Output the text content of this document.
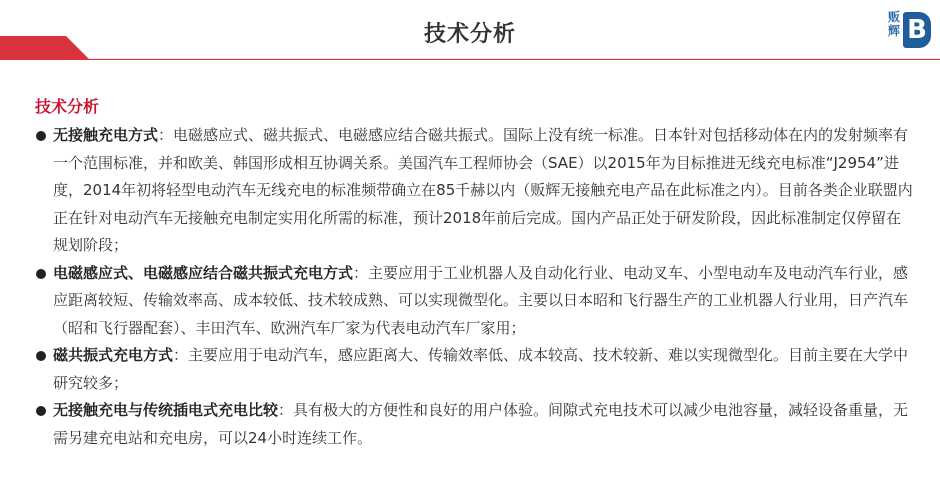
技术分析
贩辉 B
技术分析
无接触充电方式：电磁感应式、磁共振式、电磁感应结合磁共振式。国际上没有统一标准。日本针对包括移动体在内的发射频率有一个范围标准，并和欧美、韩国形成相互协调关系。美国汽车工程师协会（SAE）以2015年为目标推进无线充电标准“J2954”进度，2014年初将轻型电动汽车无线充电的标准频带确立在85千赫以内（贩辉无接触充电产品在此标准之内）。目前各类企业联盟内正在针对电动汽车无接触充电制定实用化所需的标准，预计2018年前后完成。国内产品正处于研发阶段，因此标准制定仅停留在规划阶段；
电磁感应式、电磁感应结合磁共振式充电方式：主要应用于工业机器人及自动化行业、电动叉车、小型电动车及电动汽车行业，感应距离较短、传输效率高、成本较低、技术较成熟、可以实现微型化。主要以日本昭和飞行器生产的工业机器人行业用，日产汽车（昭和飞行器配套）、丰田汽车、欧洲汽车厂家为代表电动汽车厂家用；
磁共振式充电方式：主要应用于电动汽车，感应距离大、传输效率低、成本较高、技术较新、难以实现微型化。目前主要在大学中研究较多；
无接触充电与传统插电式充电比较：具有极大的方便性和良好的用户体验。间隙式充电技术可以减少电池容量，减轻设备重量，无需另建充电站和充电房，可以24小时连续工作。
